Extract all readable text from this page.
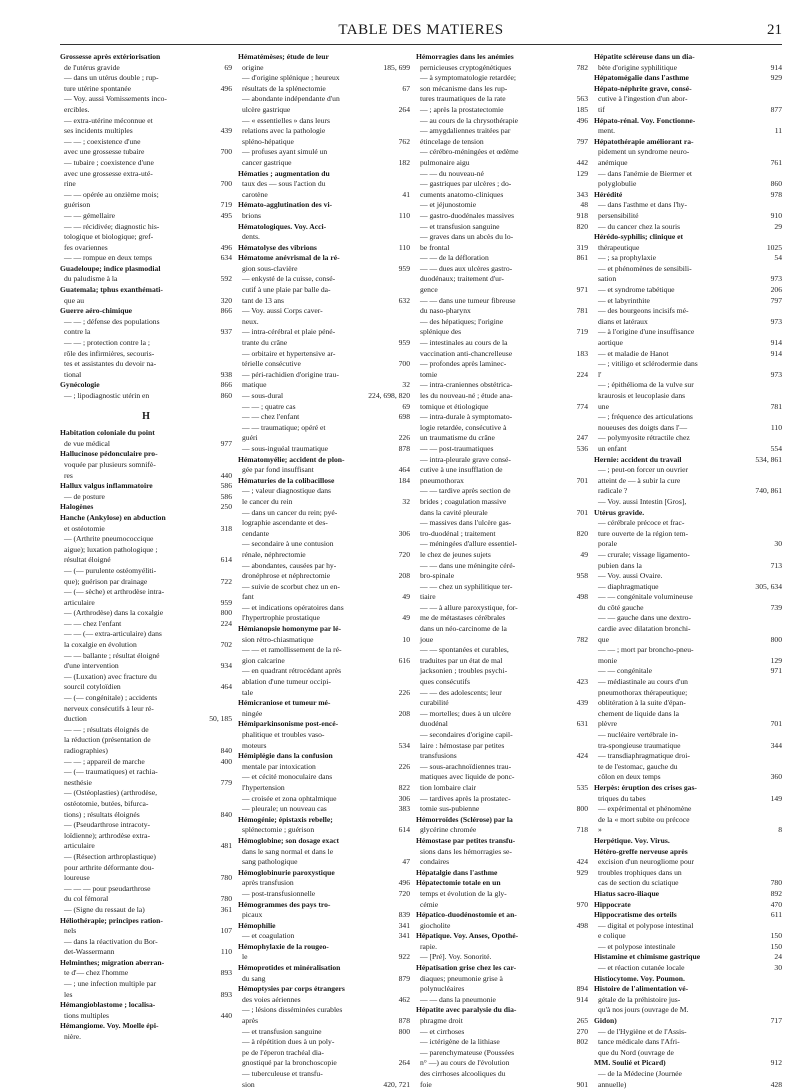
TABLE DES MATIERES	21
Grossesse après extériorisation
de l'utérus gravide	69
— dans un utérus double ; rup-
ture utérine spontanée	496
— Voy. aussi Vomissements inco-
ercibles.
— extra-utérine méconnue et
ses incidents multiples	439
— — ; coexistence d'une
avec une grossesse tubaire	700
— tubaire ; coexistence d'une
avec une grossesse extra-uté-
rine	700
— — opérée au onzième mois;
guérison	719
— — gémellaire	495
— — récidivée; diagnostic his-
tologique et biologique; gref-
fes ovariennes	496
— — rompue en deux temps	634
Guadeloupe; indice plasmodial
du paludisme à la	592
Guatemala; tphus exanthémati-
que au	320
Guerre aéro-chimique	866
— — ; défense des populations
contre la	937
— — ; protection contre la ;
rôle des infirmières, secouris-
tes et assistantes du devoir na-
tional	938
Gynécologie	866
— ; lipodiagnostic utérin en	860
H
Habitation coloniale du point
de vue médical	977
Hallucinose pédonculaire pro-
voquée par plusieurs somnifè-
res	440
Hallux valgus inflammatoire	586
— de posture	586
Halogènes	250
Hanche (Ankylose) en abduction
et ostéotomie	318
— (Arthrite pneumococcique
aigue); luxation pathologique ;
résultat éloigné	614
— (— purulente ostéomyéliti-
que); guérison par drainage	722
— (— sèche) et arthrodèse intra-
articulaire	959
— (Arthrodèse) dans la coxalgie	800
— — chez l'enfant	224
— — (— extra-articulaire) dans
la coxalgie en évolution	702
— — ballante ; résultat éloigné
d'une intervention	934
— (Luxation) avec fracture du
sourcil cotyloïdien	464
— (— congénitale) ; accidents
nerveux consécutifs à leur ré-
duction	50, 185
— — ; résultats éloignés de
la réduction (présentation de
radiographies)	840
— — ; appareil de marche	400
— (— traumatiques) et rachia-
nesthésie	779
— (Ostéoplasties) (arthrodèse,
ostéotomie, butées, bifurca-
tions) ; résultats éloignés	840
— (Pseudarthrose intracoty-
loïdienne); arthrodèse extra-
articulaire	481
— (Résection arthroplastique)
pour arthrite déformante dou-
loureuse	780
— — — pour pseudarthrose
du col fémoral	780
— (Signe du ressaut de la)	361
Héliothérapie; principes ration-
nels	107
— dans la réactivation du Bor-
det-Wassermann	110
Helminthes; migration aberran-
te d'— chez l'homme	893
— ; une infection multiple par
les	893
Hémangioblastome ; localisa-
tions multiples	440
Hémangiome. Voy. Moelle épi-
nière.
Hématémèses; étude de leur
origine	185, 699
— d'origine splénique ; heureux
résultats de la splénectomie	67
— abondante indépendante d'un
ulcère gastrique	264
— « essentielles » dans leurs
relations avec la pathologie
spléno-hépatique	762
— profuses ayant simulé un
cancer gastrique	182
Hématies ; augmentation du
taux des — sous l'action du
carotène	41
Hémato-agglutination des vi-
brions	110
Hématologiques. Voy. Acci-
dents.
Hématolyse des vibrions	110
Hématome anévrismal de la ré-
gion sous-clavière	959
— enkysté de la cuisse, consé-
cutif à une plaie par balle da-
tant de 13 ans	632
— Voy. aussi Corps caver-
neux.
— intra-cérébral et plaie péné-
trante du crâne	959
— orbitaire et hypertensive ar-
térielle consécutive	700
— péri-rachidien d'origine trau-
matique	32
— sous-dural	224, 698, 820
— — ; quatre cas	69
— — chez l'enfant	698
— — traumatique; opéré et
guéri	226
— sous-inguéal traumatique	878
Hématomyélie; accident de plon-
gée par fond insuffisant	464
Hématuries de la colibacillose	184
— ; valeur diagnostique dans
le cancer du rein	32
— dans un cancer du rein; pyé-
lographie ascendante et des-
cendante	306
— secondaire à une contusion
rénale, néphrectomie	720
— abondantes, causées par hy-
dronéphrose et néphrectomie	208
— suivie de scorbut chez un en-
fant	49
— et indications opératoires dans
l'hypertrophie prostatique	49
Hémianopsie homonyme par lé-
sion rétro-chiasmatique	10
— — et ramollissement de la ré-
gion calcarine	616
— en quadrant rétrocédant après
ablation d'une tumeur occipi-
tale	226
Hémicraniose et tumeur mé-
ningée	208
Hémiparkinsonisme post-encé-
phalitique et troubles vaso-
moteurs	534
Hémiplégie dans la confusion
mentale par intoxication	226
— et cécité monoculaire dans
l'hypertension	822
— croisée et zona ophtalmique	306
— pleurale; un nouveau cas	383
Hémogénie; épistaxis rebelle;
splénectomie ; guérison	614
Hémoglobine; son dosage exact
dans le sang normal et dans le
sang pathologique	47
Hémoglobinurie paroxystique
après transfusion	496
— post-transfusionnelle	720
Hémogrammes des pays tro-
picaux	839
Hémophilie	341
— et coagulation	341
Hémophylaxie de la rougeo-
le	922
Hémoprotides et minéralisation
du sang	879
Hémoptysies par corps étrangers
des voies aériennes	462
— ; lésions disséminées curables
après	878
— et transfusion sanguine	800
— à répétition dues à un poly-
pe de l'éperon trachéal dia-
gnostiqué par la bronchoscopie	264
— tuberculeuse et transfu-
sion	420, 721
Hémorragies dans les anémies
pernicieuses cryptogénétiques	782
— à symptomatologie retardée;
son mécanisme dans les rup-
tures traumatiques de la rate	563
— ; après la prostatectomie	185
— au cours de la chrysothérapie	496
— amygdaliennes traitées par
étincelage de tension	797
— cérébro-méningées et œdème
pulmonaire aigu	442
— — du nouveau-né	129
— gastriques par ulcères ; do-
cuments anatomo-cliniques	343
— et jéjunostomie	48
— gastro-duodénales massives	918
— et transfusion sanguine	820
— graves dans un abcès du lo-
be frontal	319
— — de la défloration	861
— — dues aux ulcères gastro-
duodénaux; traitement d'ur-
gence	971
— — dans une tumeur fibreuse
du naso-pharynx	781
— des hépatiques; l'origine
splénique des	719
— intestinales au cours de la
vaccination anti-chancrelleuse	183
— profondes après laminec-
tomie	224
— intra-craniennes obstétrica-
les du nouveau-né ; étude ana-
tomique et étiologique	774
— intra-durale à symptomato-
logie retardée, consécutive à
un traumatisme du crâne	247
— — post-traumatiques	536
— intra-pleurale grave consé-
cutive à une insufflation de
pneumothorax	701
— — tardive après section de
brides ; coagulation massive
dans la cavité pleurale	701
— massives dans l'ulcère gas-
tro-duodénal ; traitement	820
— méningées d'allure essentiel-
le chez de jeunes sujets	49
— — dans une méningite céré-
bro-spinale	958
— — chez un syphilitique ter-
tiaire	498
— — à allure paroxystique, for-
me de métastases cérébrales
dans un néo-carcinome de la
joue	782
— — spontanées et curables,
traduites par un état de mal
jacksonien ; troubles psychi-
ques consécutifs	423
— — des adolescents; leur
curabilité	439
— mortelles; dues à un ulcère
duodénal	631
— secondaires d'origine capil-
laire : hémostase par petites
transfusions	424
— sous-arachnoïdiennes trau-
matiques avec liquide de ponc-
tion lombaire clair	535
— tardives après la prostatec-
tomie sus-pubienne	800
Hémorroïdes (Sclérose) par la
glycérine chromée	718
Hémostase par petites transfu-
sions dans les hémorragies se-
condaires	424
Hépatalgie dans l'asthme	929
Hépatectomie totale en un
temps et évolution de la gly-
cémie	970
Hépatico-duodénostomie et an-
giocholite	498
Hépatique. Voy. Anses, Opothé-
rapie.
— [Pré]. Voy. Sonorité.
Hépatisation grise chez les car-
diaques; pneumonie grise à
polynucléaires	894
— — dans la pneumonie	914
Hépatite avec paralysie du dia-
phragme droit	265
— et cirrhoses	270
— ictérigène de la lithiase	802
— parenchymateuse (Poussées
n° —) au cours de l'évolution
des cirrhoses alcooliques du
foie	901
Hépatite scléreuse dans un dia-
bète d'origine syphilitique	914
Hépatomégalie dans l'asthme	929
Hépato-néphrite grave, consé-
cutive à l'ingestion d'un abor-
tif	877
Hépato-rénal. Voy. Fonctionne-
ment.	11
Hépatothérapie améliorant ra-
pidement un syndrome neuro-
anémique	761
— dans l'anémie de Biermer et
polyglobulie	860
Hérédité	978
— dans l'asthme et dans l'hy-
persensibilité	910
— du cancer chez la souris	29
Hérédo-syphilis; clinique et
thérapeutique	1025
— ; sa prophylaxie	54
— et phénomènes de sensibili-
sation	973
— et syndrome tabétique	206
— et labyrinthite	797
— des bourgeons incisifs mé-
dians et latéraux	973
— à l'origine d'une insuffisance
aortique	914
— et maladie de Hanot	914
— ; vitiligo et sclérodermie dans
l'	973
— ; épithélioma de la vulve sur
kraurosis et leucoplasie dans
une	781
— ; fréquence des articulations
noueuses des doigts dans l'—	110
— polymyosite rétractile chez
un enfant	554
Hernie: accident du travail	534, 861
— ; peut-on forcer un ouvrier
atteint de — à subir la cure
radicale ?	740, 861
— Voy. aussi Intestin [Gros],
Utérus gravide.
— cérébrale précoce et frac-
ture ouverte de la région tem-
porale	30
— crurale; vissage ligamento-
pubien dans la	713
— Voy. aussi Ovaire.
— diaphragmatique	305, 634
— — congénitale volumineuse
du côté gauche	739
— — gauche dans une dextro-
cardie avec dilatation bronchi-
que	800
— — ; mort par broncho-pneu-
monie	129
— — congénitale	971
— médiastinale au cours d'un
pneumothorax thérapeutique;
oblitération à la suite d'épan-
chement de liquide dans la
plèvre	701
— nucléaire vertébrale in-
tra-spongieuse traumatique	344
— transdiaphragmatique droi-
te de l'estomac, gauche du
côlon en deux temps	360
Herpès: éruption des crises gas-
triques du tabes	149
— expérimental et phénomène
de la « mort subite ou précoce
»	8
Herpétique. Voy. Virus.
Hétéro-greffe nerveuse après
excision d'un neurogliome pour
troubles trophiques dans un
cas de section du sciatique	780
Hiatus sacro-iliaque	892
Hippocrate	470
Hippocratisme des orteils	611
— digital et polypose intestinal
e colique	150
— et polypose intestinale	150
Histamine et chimisme gastrique	24
— et réaction cutanée locale	30
Histiocytome. Voy. Poumon.
Histoire de l'alimentation vé-
gétale de la préhistoire jus-
qu'à nos jours (ouvrage de M.
Gidon)	717
— de l'Hygiène et de l'Assis-
tance médicale dans l'Afri-
que du Nord (ouvrage de
MM. Soulié et Picard)	912
— de la Médecine (Journée
annuelle)	428
